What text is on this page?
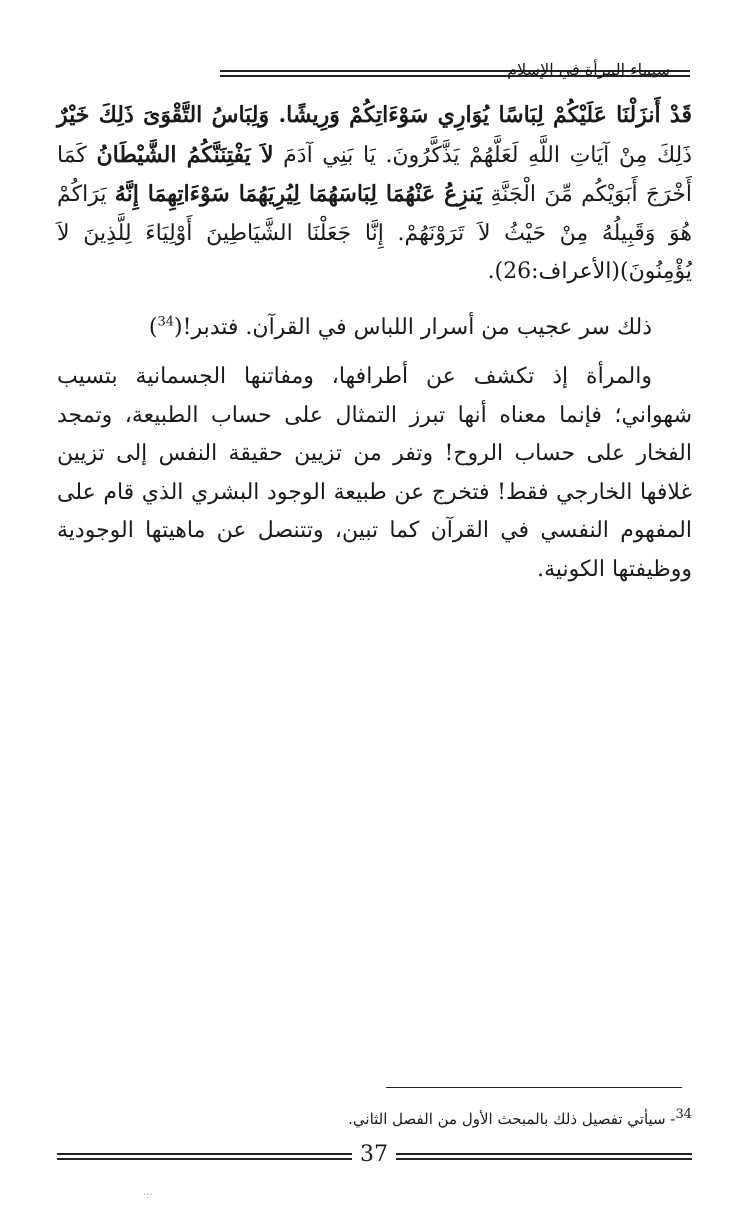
سيماء المرأة في الإسلام
قَدْ أَنزَلْنَا عَلَيْكُمْ لِبَاسًا يُوَارِي سَوْءَاتِكُمْ وَرِيشًا. وَلِبَاسُ التَّقْوَىَ ذَلِكَ خَيْرٌ ذَلِكَ مِنْ آيَاتِ اللَّهِ لَعَلَّهُمْ يَذَّكَّرُونَ. يَا بَنِي آدَمَ لاَ يَفْتِنَنَّكُمُ الشَّيْطَانُ كَمَا أَخْرَجَ أَبَوَيْكُم مِّنَ الْجَنَّةِ يَنزِعُ عَنْهُمَا لِبَاسَهُمَا لِيُرِيَهُمَا سَوْءَاتِهِمَا إِنَّهُ يَرَاكُمْ هُوَ وَقَبِيلُهُ مِنْ حَيْثُ لاَ تَرَوْنَهُمْ. إِنَّا جَعَلْنَا الشَّيَاطِينَ أَوْلِيَاءَ لِلَّذِينَ لاَ يُؤْمِنُونَ)(الأعراف:26).
ذلك سر عجيب من أسرار اللباس في القرآن. فتدبر!($^{34}$)
والمرأة إذ تكشف عن أطرافها، ومفاتنها الجسمانية بتسيب شهواني؛ فإنما معناه أنها تبرز التمثال على حساب الطبيعة، وتمجد الفخار على حساب الروح! وتفر من تزيين حقيقة النفس إلى تزيين غلافها الخارجي فقط! فتخرج عن طبيعة الوجود البشري الذي قام على المفهوم النفسي في القرآن كما تبين، وتتنصل عن ماهيتها الوجودية ووظيفتها الكونية.
$^{34}$- سيأتي تفصيل ذلك بالمبحث الأول من الفصل الثاني.
37
·:·
